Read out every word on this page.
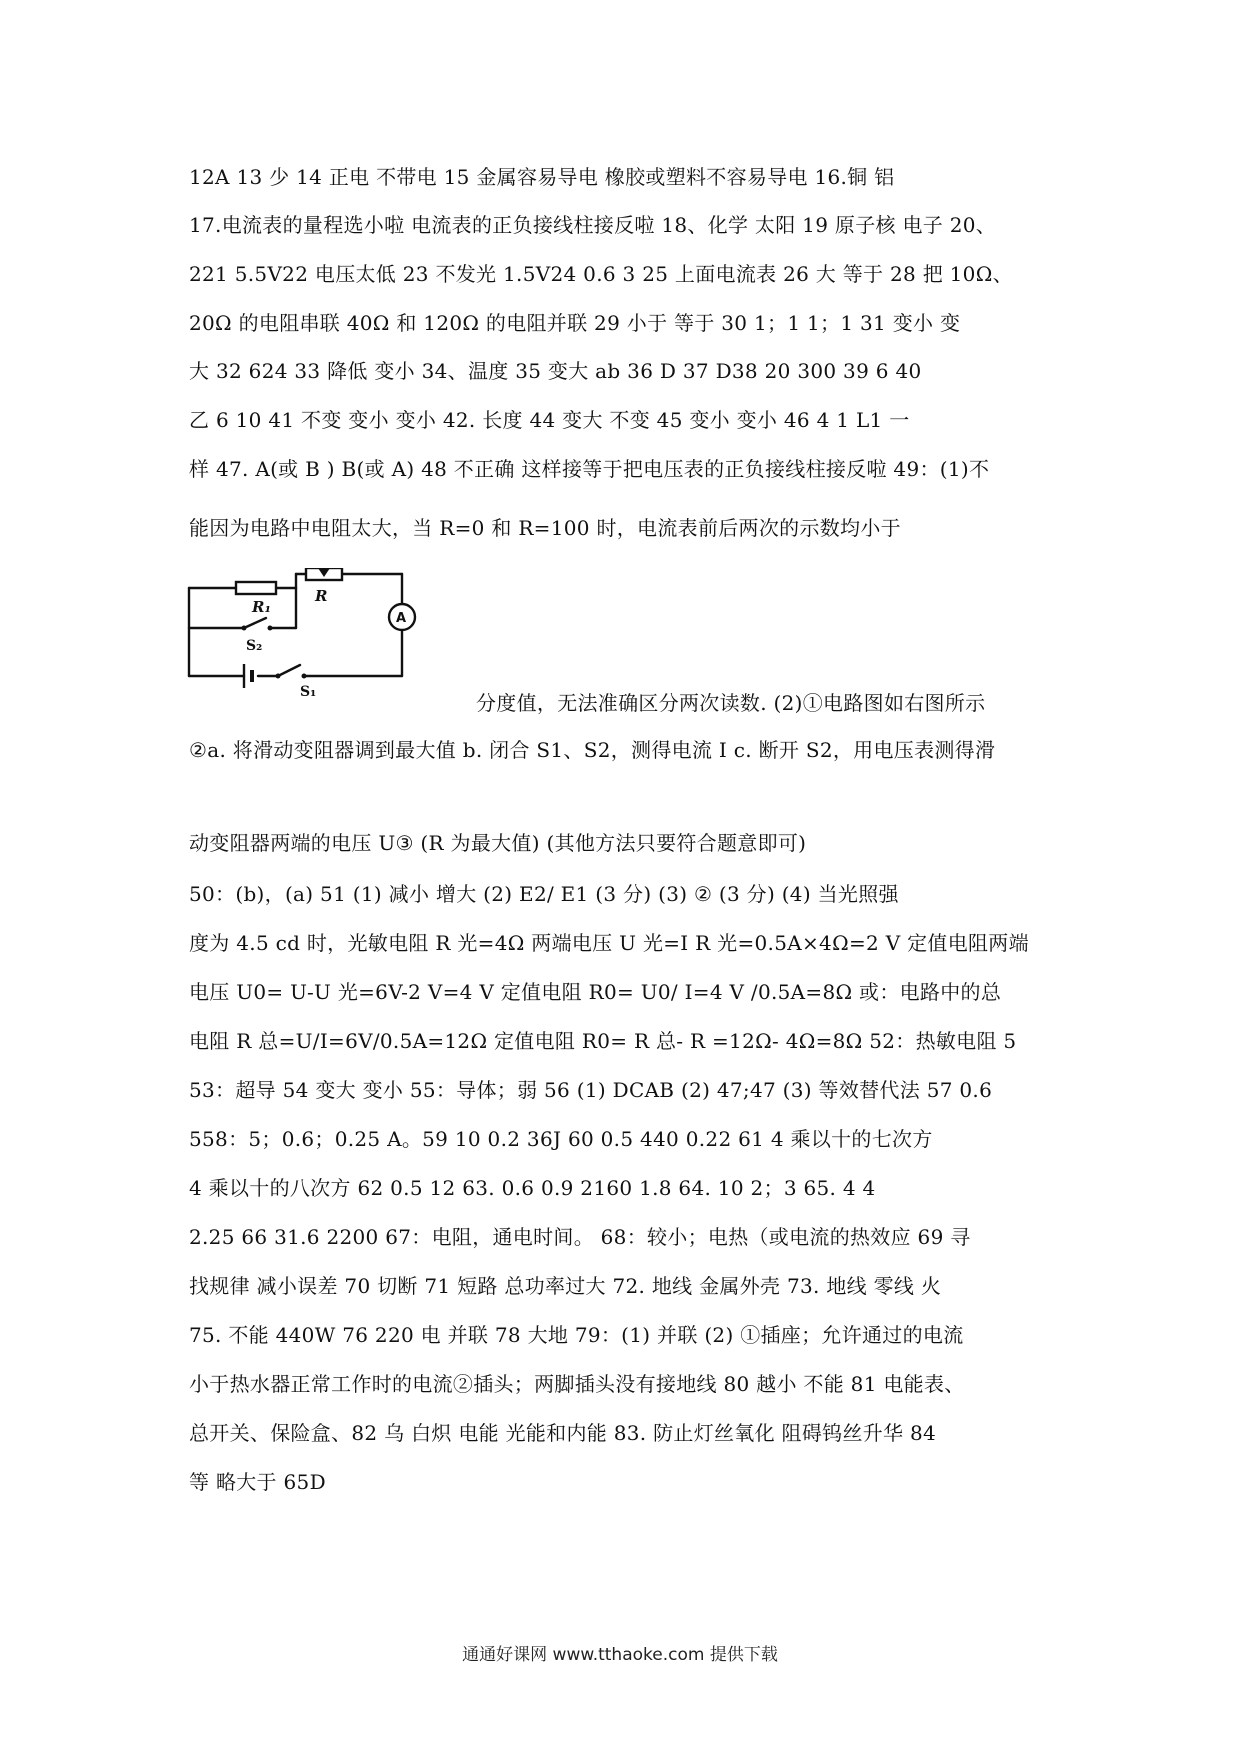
12A 13 少 14 正电 不带电 15 金属容易导电 橡胶或塑料不容易导电 16.铜 铝
17.电流表的量程选小啦 电流表的正负接线柱接反啦 18、化学 太阳 19 原子核 电子 20、
221 5.5V22 电压太低 23 不发光 1.5V24 0.6 3 25 上面电流表 26 大 等于 28 把 10Ω、
20Ω 的电阻串联 40Ω 和 120Ω 的电阻并联 29 小于 等于 30 1；1 1；1 31 变小 变
大 32 624 33 降低 变小 34、温度 35 变大 ab 36 D 37 D38 20 300 39 6 40
乙 6 10 41 不变 变小 变小 42. 长度 44 变大 不变 45 变小 变小 46 4 1 L1 一
样 47. A(或 B ) B(或 A) 48 不正确 这样接等于把电压表的正负接线柱接反啦 49：(1)不
能因为电路中电阻太大，当 R=0 和 R=100 时，电流表前后两次的示数均小于
分度值，无法准确区分两次读数. (2)①电路图如右图所示
②a. 将滑动变阻器调到最大值 b. 闭合 S1、S2，测得电流 I c. 断开 S2，用电压表测得滑
动变阻器两端的电压 U③ (R 为最大值) (其他方法只要符合题意即可)
50：(b)，(a) 51 (1) 减小 增大 (2) E2/ E1 (3 分) (3) ② (3 分) (4) 当光照强
度为 4.5 cd 时，光敏电阻 R 光=4Ω 两端电压 U 光=I R 光=0.5A×4Ω=2 V 定值电阻两端
电压 U0= U-U 光=6V-2 V=4 V 定值电阻 R0= U0/ I=4 V /0.5A=8Ω 或：电路中的总
电阻 R 总=U/I=6V/0.5A=12Ω 定值电阻 R0= R 总- R =12Ω- 4Ω=8Ω 52：热敏电阻 5
53：超导 54 变大 变小 55：导体；弱 56 (1) DCAB (2) 47;47 (3) 等效替代法 57 0.6
558：5；0.6；0.25 A。59 10 0.2 36J 60 0.5 440 0.22 61 4 乘以十的七次方
4 乘以十的八次方 62 0.5 12 63. 0.6 0.9 2160 1.8 64. 10 2；3 65. 4 4
2.25 66 31.6 2200 67：电阻，通电时间。 68：较小；电热（或电流的热效应 69 寻
找规律 减小误差 70 切断 71 短路 总功率过大 72. 地线 金属外壳 73. 地线 零线 火
75. 不能 440W 76 220 电 并联 78 大地 79：(1) 并联 (2) ①插座；允许通过的电流
小于热水器正常工作时的电流②插头；两脚插头没有接地线 80 越小 不能 81 电能表、
总开关、保险盒、82 乌 白炽 电能 光能和内能 83. 防止灯丝氧化 阻碍钨丝升华 84
等 略大于 65D
R₁
R
A
S₂
S₁
通通好课网 www.tthaoke.com 提供下载
